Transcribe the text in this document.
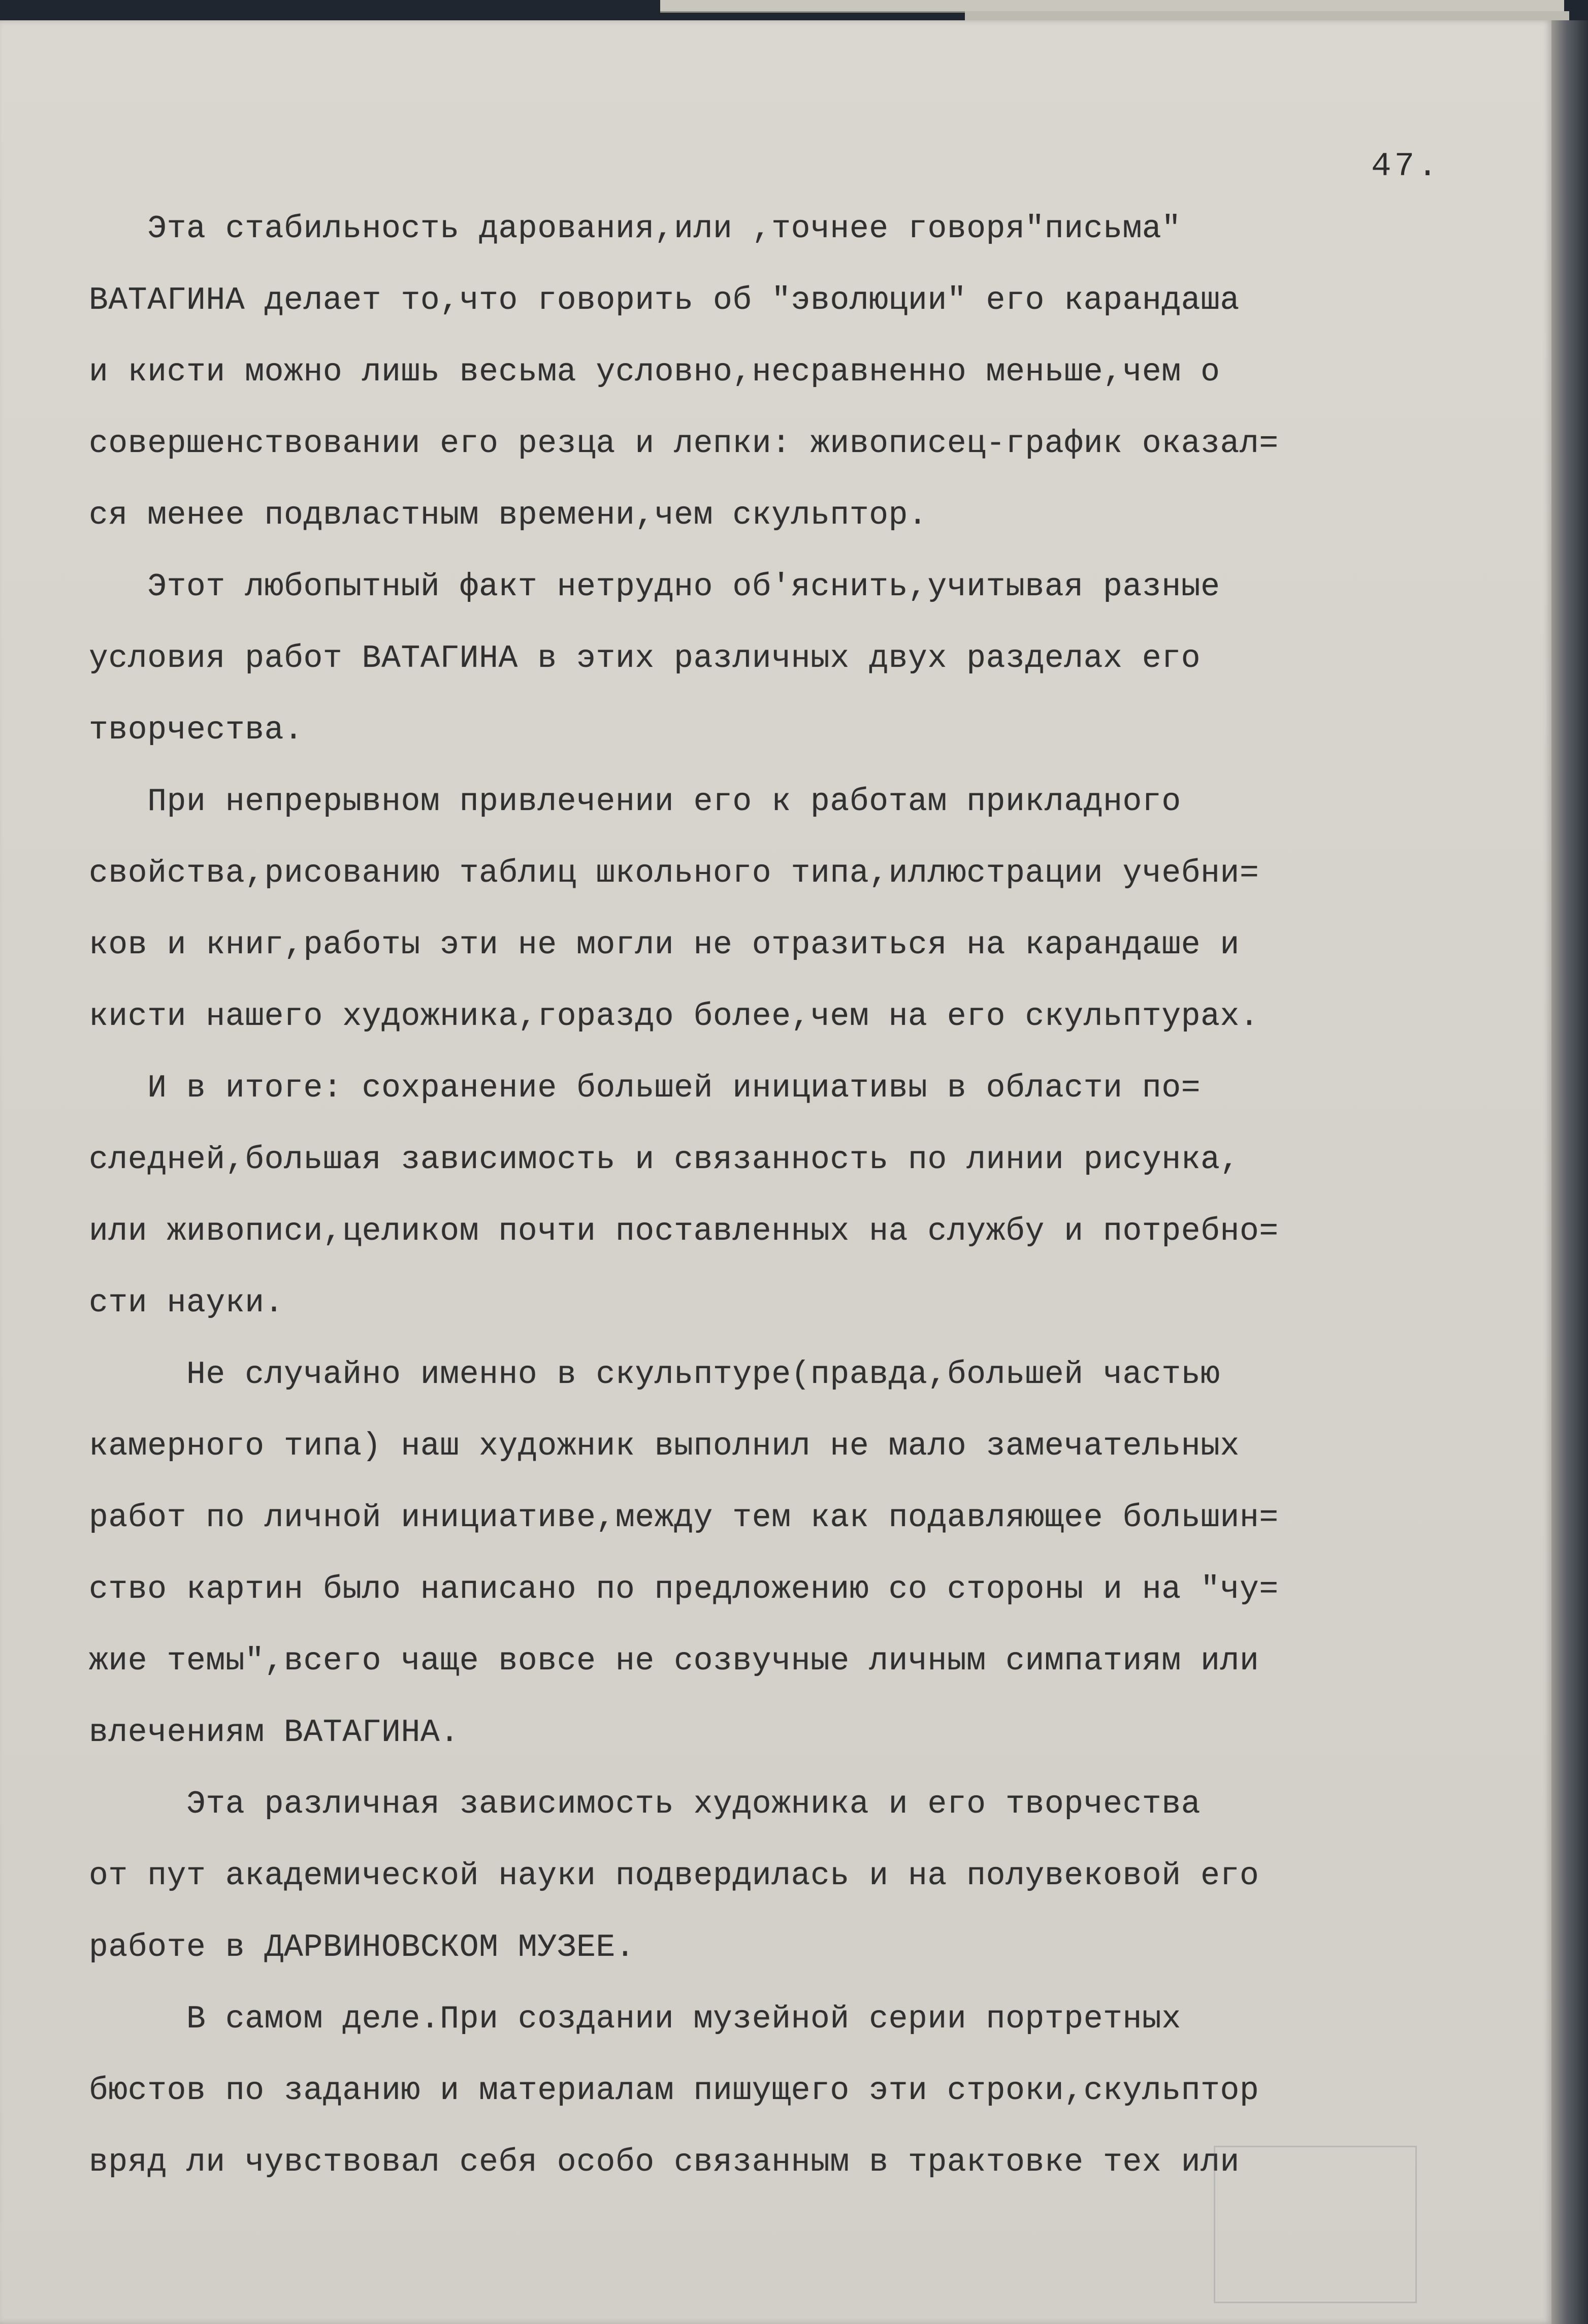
47.
Эта стабильность дарования,или ,точнее говоря"письма"
ВАТАГИНА делает то,что говорить об "эволюции" его карандаша
и кисти можно лишь весьма условно,несравненно меньше,чем о
совершенствовании его резца и лепки: живописец-график оказал=
ся менее подвластным времени,чем скульптор.
Этот любопытный факт нетрудно об'яснить,учитывая разные
условия работ ВАТАГИНА в этих различных двух разделах его
творчества.
При непрерывном привлечении его к работам прикладного
свойства,рисованию таблиц школьного типа,иллюстрации учебни=
ков и книг,работы эти не могли не отразиться на карандаше и
кисти нашего художника,гораздо более,чем на его скульптурах.
И в итоге: сохранение большей инициативы в области по=
следней,большая зависимость и связанность по линии рисунка,
или живописи,целиком почти поставленных на службу и потребно=
сти науки.
Не случайно именно в скульптуре(правда,большей частью
камерного типа) наш художник выполнил не мало замечательных
работ по личной инициативе,между тем как подавляющее большин=
ство картин было написано по предложению со стороны и на "чу=
жие темы",всего чаще вовсе не созвучные личным симпатиям или
влечениям ВАТАГИНА.
Эта различная зависимость художника и его творчества
от пут академической науки подвердилась и на полувековой его
работе в ДАРВИНОВСКОМ МУЗЕЕ.
В самом деле.При создании музейной серии портретных
бюстов по заданию и материалам пишущего эти строки,скульптор
вряд ли чувствовал себя особо связанным в трактовке тех или
